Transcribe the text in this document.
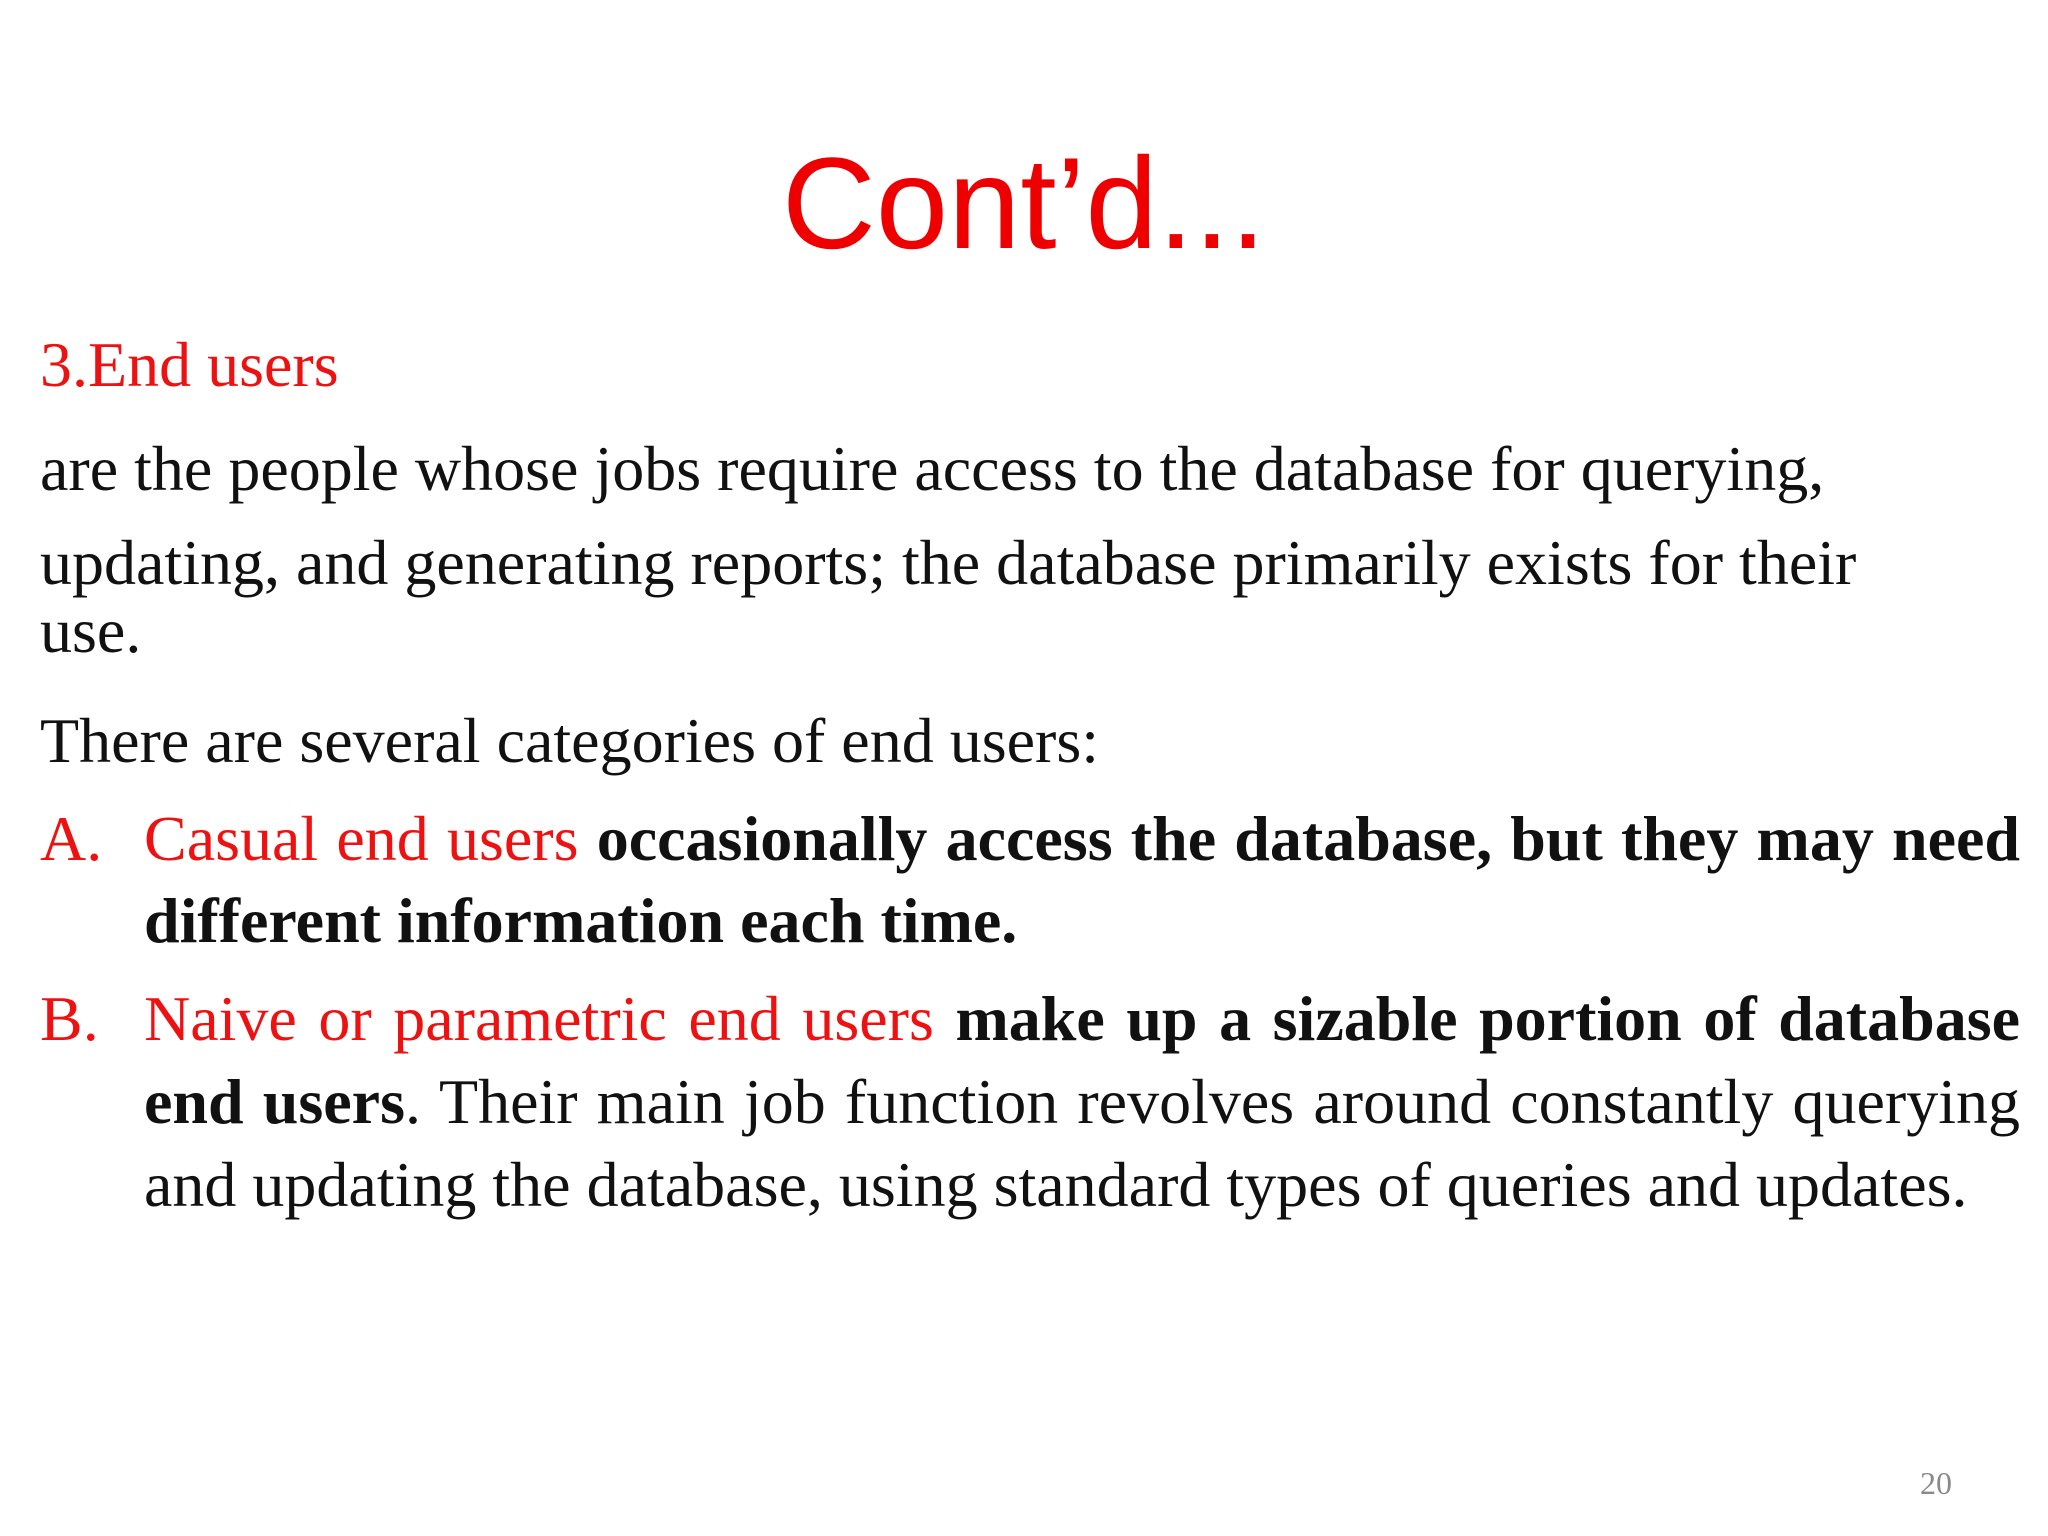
Cont’d...

3.End users

are the people whose jobs require access to the database for querying, updating, and generating reports; the database primarily exists for their
use.

There are several categories of end users:

A. Casual end users occasionally access the database, but they may need different information each time.
B. Naive or parametric end users make up a sizable portion of database end users. Their main job function revolves around constantly querying and updating the database, using standard types of queries and updates.
20
